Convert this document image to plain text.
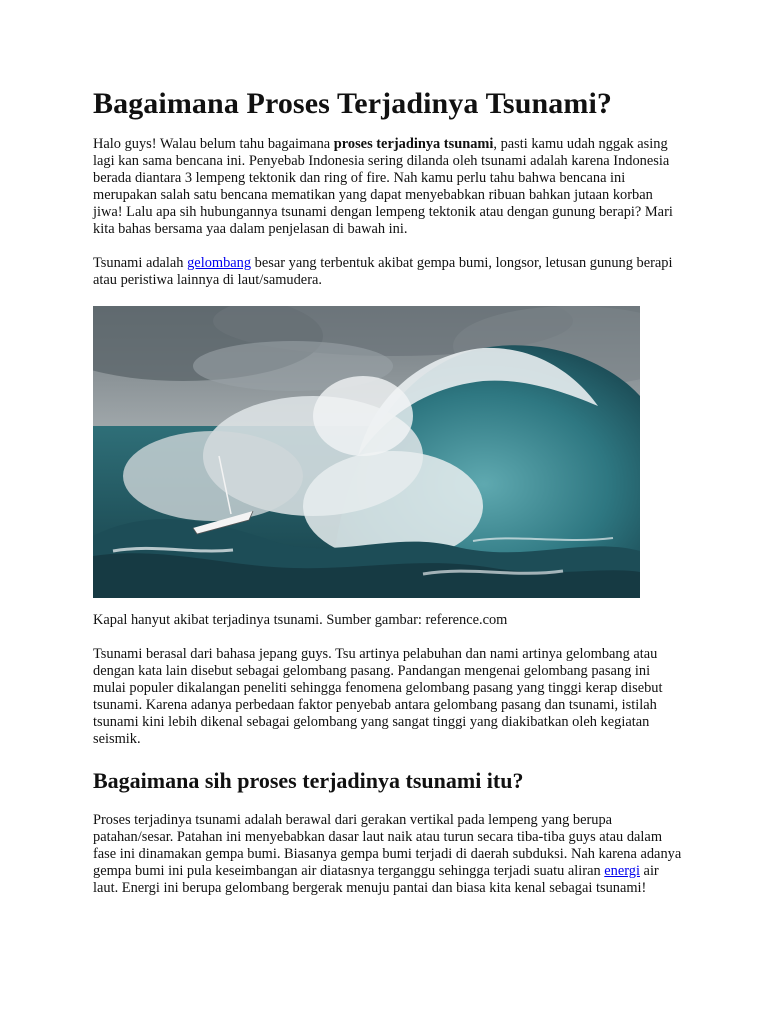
Bagaimana Proses Terjadinya Tsunami?

Halo guys! Walau belum tahu bagaimana proses terjadinya tsunami, pasti kamu udah nggak asing lagi kan sama bencana ini. Penyebab Indonesia sering dilanda oleh tsunami adalah karena Indonesia berada diantara 3 lempeng tektonik dan ring of fire. Nah kamu perlu tahu bahwa bencana ini merupakan salah satu bencana mematikan yang dapat menyebabkan ribuan bahkan jutaan korban jiwa! Lalu apa sih hubungannya tsunami dengan lempeng tektonik atau dengan gunung berapi? Mari kita bahas bersama yaa dalam penjelasan di bawah ini.

Tsunami adalah gelombang besar yang terbentuk akibat gempa bumi, longsor, letusan gunung berapi atau peristiwa lainnya di laut/samudera.

Kapal hanyut akibat terjadinya tsunami. Sumber gambar: reference.com

Tsunami berasal dari bahasa jepang guys. Tsu artinya pelabuhan dan nami artinya gelombang atau dengan kata lain disebut sebagai gelombang pasang. Pandangan mengenai gelombang pasang ini mulai populer dikalangan peneliti sehingga fenomena gelombang pasang yang tinggi kerap disebut tsunami. Karena adanya perbedaan faktor penyebab antara gelombang pasang dan tsunami, istilah tsunami kini lebih dikenal sebagai gelombang yang sangat tinggi yang diakibatkan oleh kegiatan seismik.

Bagaimana sih proses terjadinya tsunami itu?

Proses terjadinya tsunami adalah berawal dari gerakan vertikal pada lempeng yang berupa patahan/sesar. Patahan ini menyebabkan dasar laut naik atau turun secara tiba-tiba guys atau dalam fase ini dinamakan gempa bumi. Biasanya gempa bumi terjadi di daerah subduksi. Nah karena adanya gempa bumi ini pula keseimbangan air diatasnya terganggu sehingga terjadi suatu aliran energi air laut. Energi ini berupa gelombang bergerak menuju pantai dan biasa kita kenal sebagai tsunami!
